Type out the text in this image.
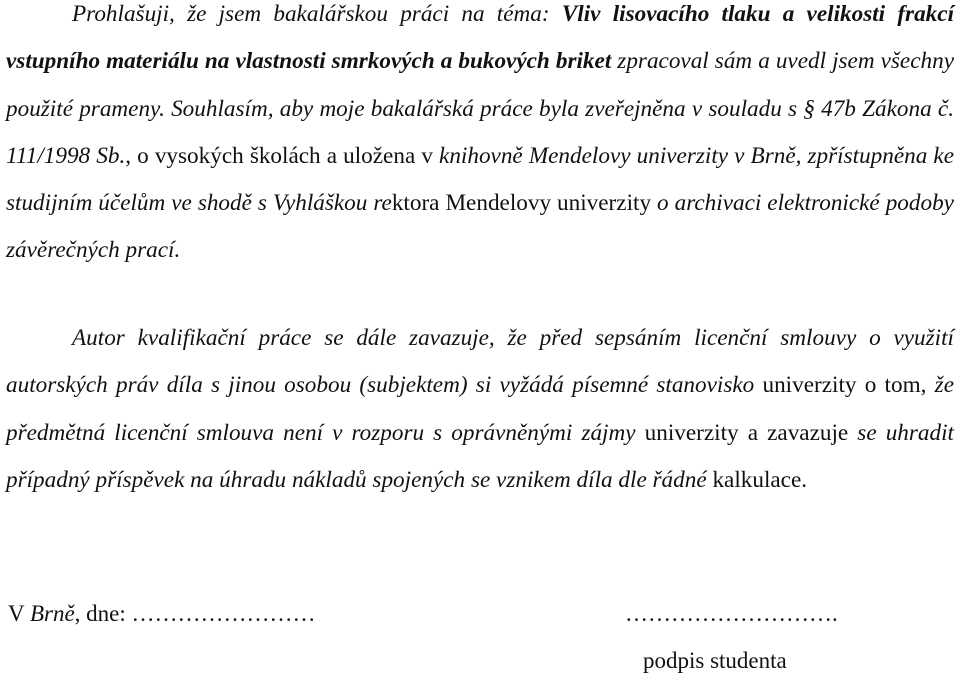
Prohlašuji, že jsem bakalářskou práci na téma: Vliv lisovacího tlaku a velikosti frakcí vstupního materiálu na vlastnosti smrkových a bukových briket zpracoval sám a uvedl jsem všechny použité prameny. Souhlasím, aby moje bakalářská práce byla zveřejněna v souladu s § 47b Zákona č. 111/1998 Sb., o vysokých školách a uložena v knihovně Mendelovy univerzity v Brně, zpřístupněna ke studijním účelům ve shodě s Vyhláškou rektora Mendelovy univerzity o archivaci elektronické podoby závěrečných prací.

Autor kvalifikační práce se dále zavazuje, že před sepsáním licenční smlouvy o využití autorských práv díla s jinou osobou (subjektem) si vyžádá písemné stanovisko univerzity o tom, že předmětná licenční smlouva není v rozporu s oprávněnými zájmy univerzity a zavazuje se uhradit případný příspěvek na úhradu nákladů spojených se vznikem díla dle řádné kalkulace.

V Brně, dne: ……………………	……………………….
podpis studenta
